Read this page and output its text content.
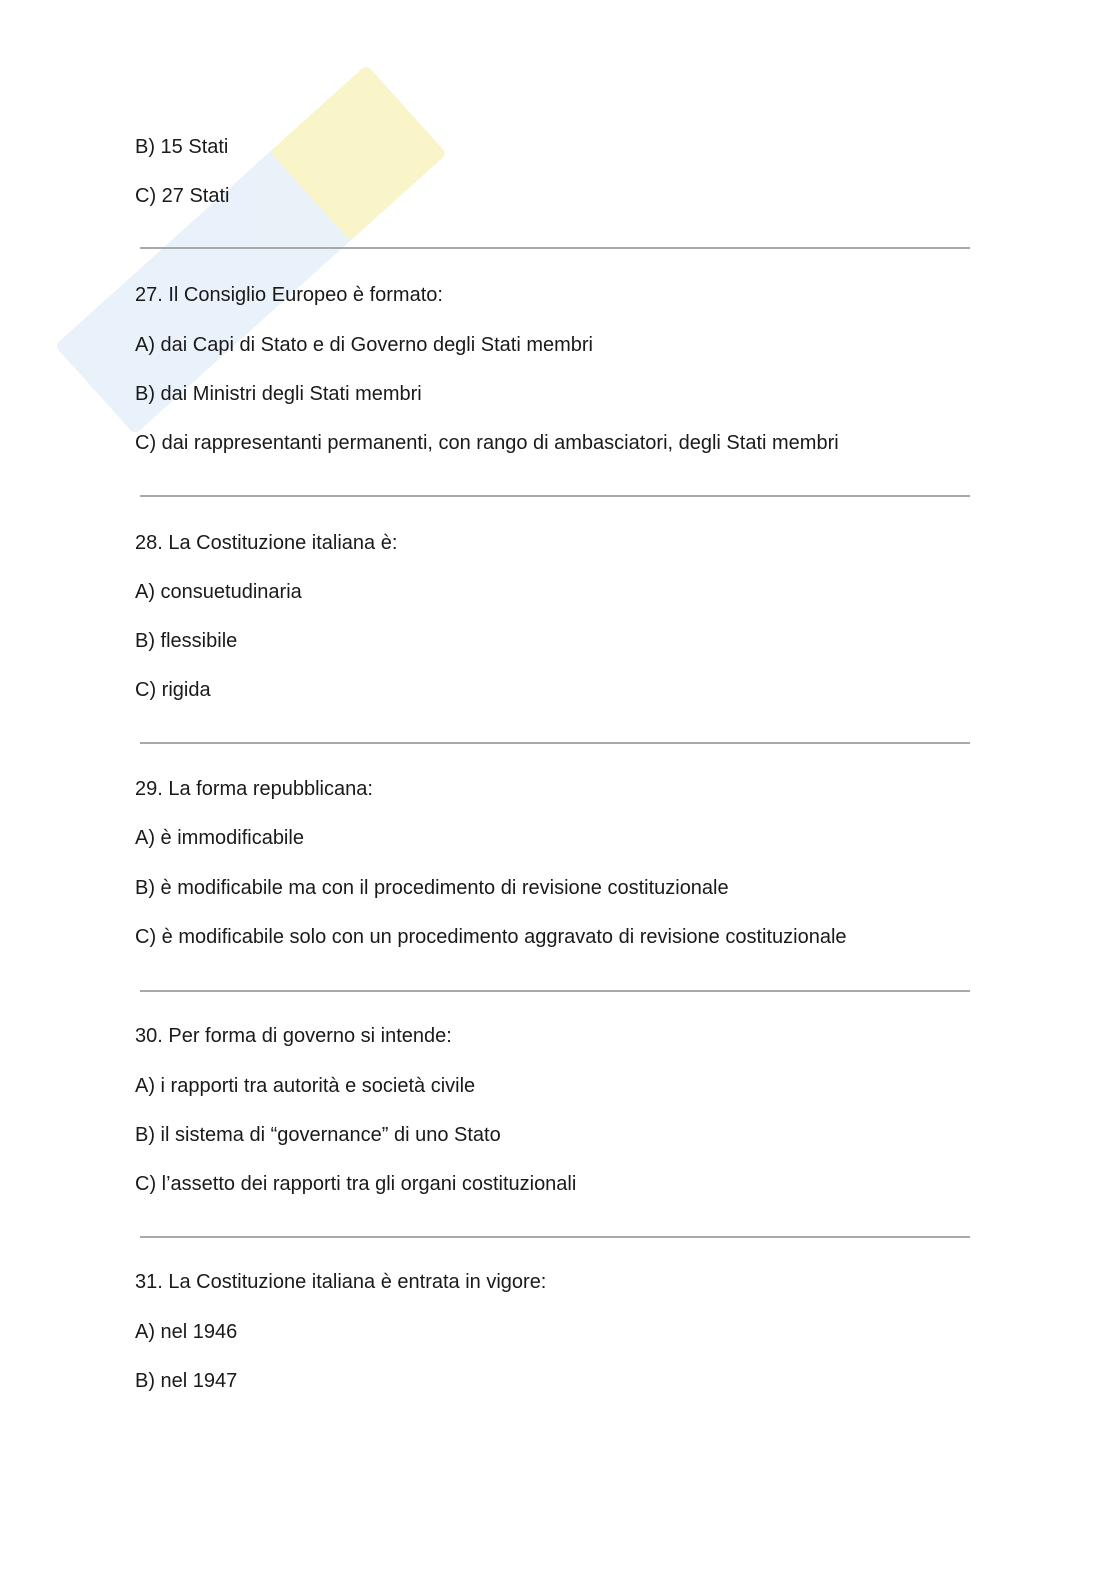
B) 15 Stati
C) 27 Stati
27. Il Consiglio Europeo è formato:
A) dai Capi di Stato e di Governo degli Stati membri
B) dai Ministri degli Stati membri
C) dai rappresentanti permanenti, con rango di ambasciatori, degli Stati membri
28. La Costituzione italiana è:
A) consuetudinaria
B) flessibile
C) rigida
29. La forma repubblicana:
A) è immodificabile
B) è modificabile ma con il procedimento di revisione costituzionale
C) è modificabile solo con un procedimento aggravato di revisione costituzionale
30. Per forma di governo si intende:
A) i rapporti tra autorità e società civile
B) il sistema di “governance” di uno Stato
C) l’assetto dei rapporti tra gli organi costituzionali
31. La Costituzione italiana è entrata in vigore:
A) nel 1946
B) nel 1947
